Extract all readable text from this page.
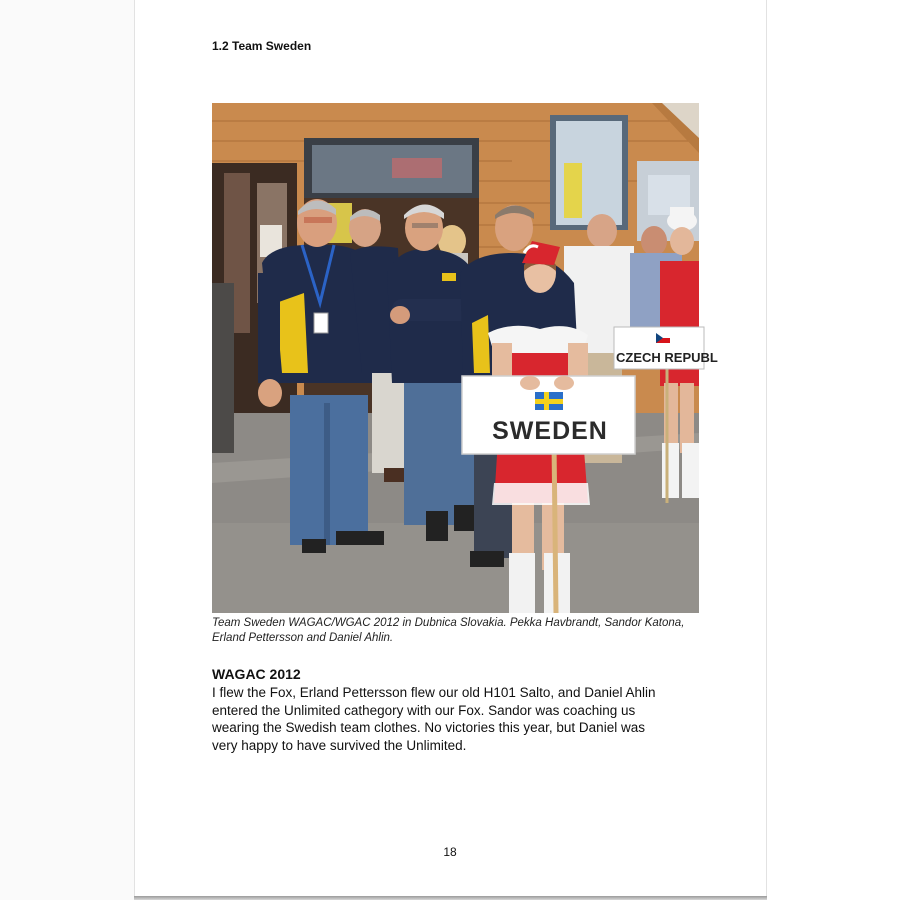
1.2 Team Sweden
CZECH REPUBL
SWEDEN
Team Sweden WAGAC/WGAC 2012 in Dubnica Slovakia. Pekka Havbrandt, Sandor Katona, Erland Pettersson and Daniel Ahlin.
WAGAC 2012
I flew the Fox, Erland Pettersson flew our old H101 Salto, and Daniel Ahlin
entered the Unlimited cathegory with our Fox. Sandor was coaching us
wearing the Swedish team clothes. No victories this year, but Daniel was
very happy to have survived the Unlimited.
18
